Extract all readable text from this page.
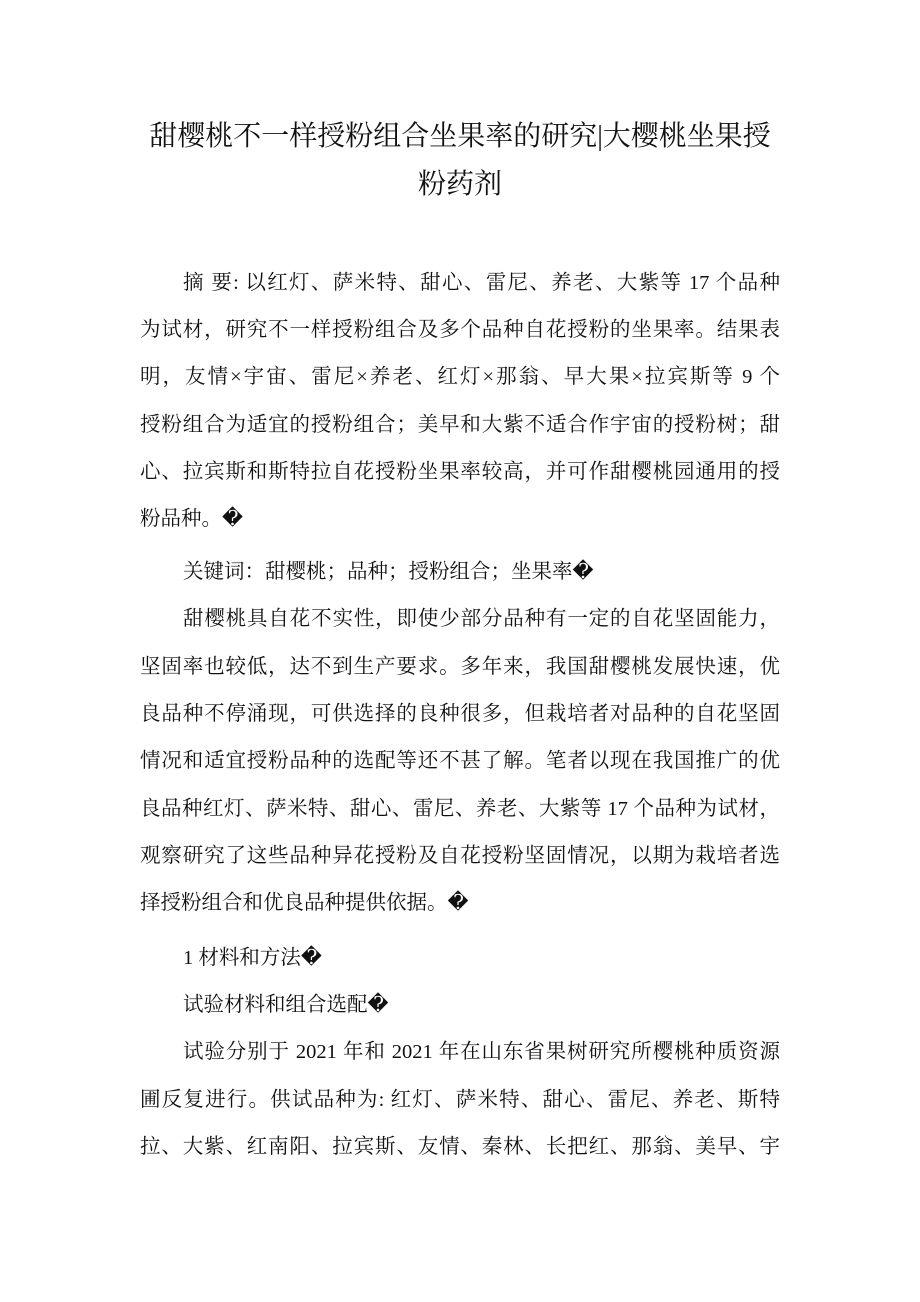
甜樱桃不一样授粉组合坐果率的研究|大樱桃坐果授
粉药剂
摘 要: 以红灯、萨米特、甜心、雷尼、养老、大紫等 17 个品种
为试材，研究不一样授粉组合及多个品种自花授粉的坐果率。结果表
明，友情×宇宙、雷尼×养老、红灯×那翁、早大果×拉宾斯等 9 个
授粉组合为适宜的授粉组合；美早和大紫不适合作宇宙的授粉树；甜
心、拉宾斯和斯特拉自花授粉坐果率较高，并可作甜樱桃园通用的授
粉品种。�
关键词：甜樱桃；品种；授粉组合；坐果率�
甜樱桃具自花不实性，即使少部分品种有一定的自花坚固能力，
坚固率也较低，达不到生产要求。多年来，我国甜樱桃发展快速，优
良品种不停涌现，可供选择的良种很多，但栽培者对品种的自花坚固
情况和适宜授粉品种的选配等还不甚了解。笔者以现在我国推广的优
良品种红灯、萨米特、甜心、雷尼、养老、大紫等 17 个品种为试材，
观察研究了这些品种异花授粉及自花授粉坚固情况，以期为栽培者选
择授粉组合和优良品种提供依据。�
1 材料和方法�
试验材料和组合选配�
试验分别于 2021 年和 2021 年在山东省果树研究所樱桃种质资源
圃反复进行。供试品种为: 红灯、萨米特、甜心、雷尼、养老、斯特
拉、大紫、红南阳、拉宾斯、友情、秦林、长把红、那翁、美早、宇
